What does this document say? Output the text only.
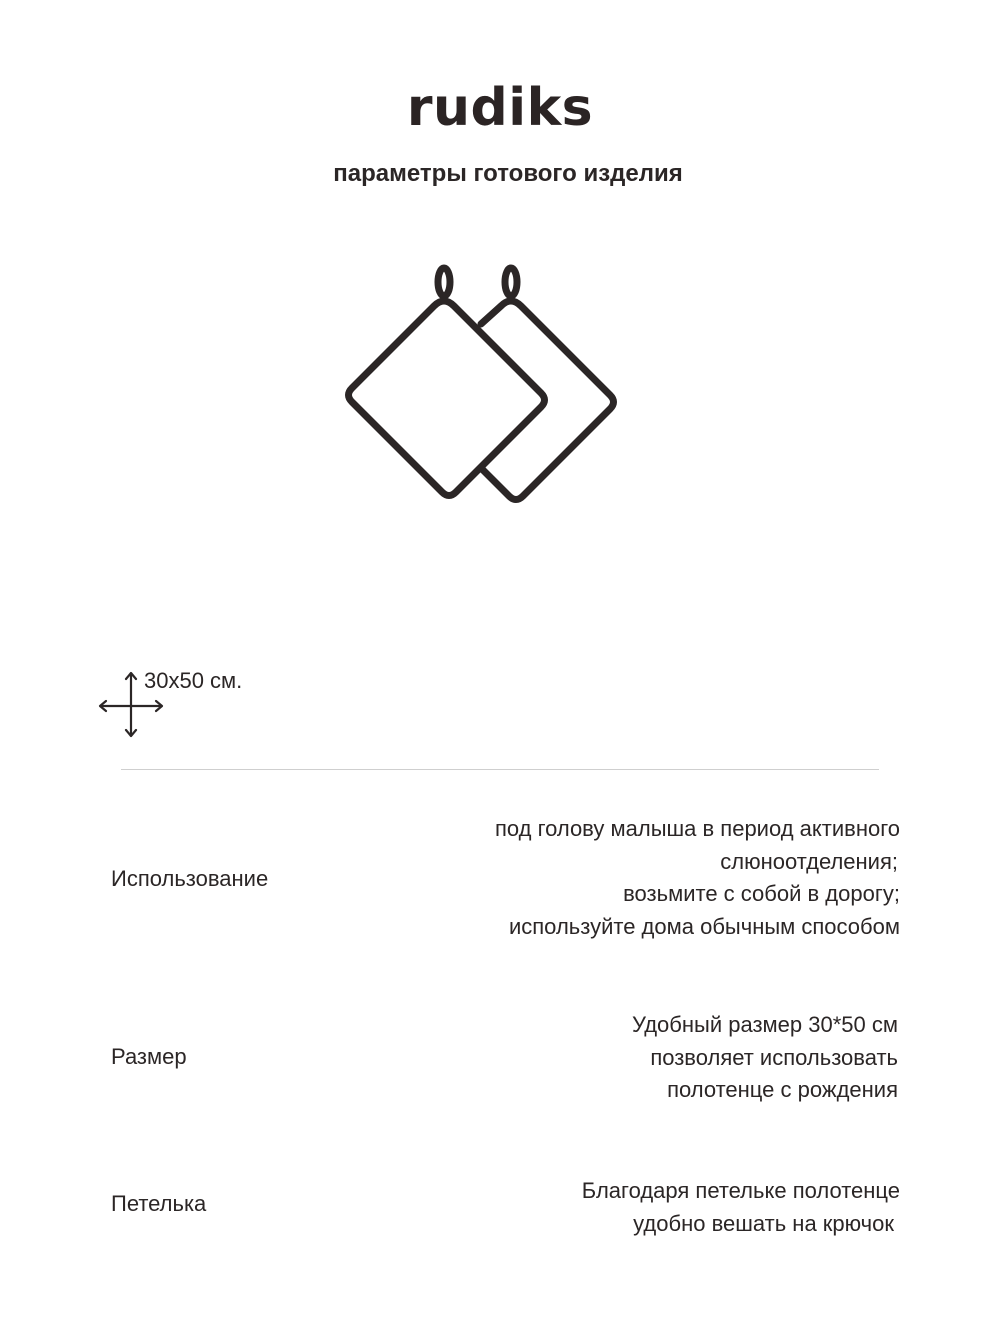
rudiks
параметры готового изделия
30х50 см.
Использование
под голову малыша в период активного
слюноотделения;
возьмите с собой в дорогу;
используйте дома обычным способом
Размер
Удобный размер 30*50 см
позволяет использовать
полотенце с рождения
Петелька
Благодаря петельке полотенце
удобно вешать на крючок
